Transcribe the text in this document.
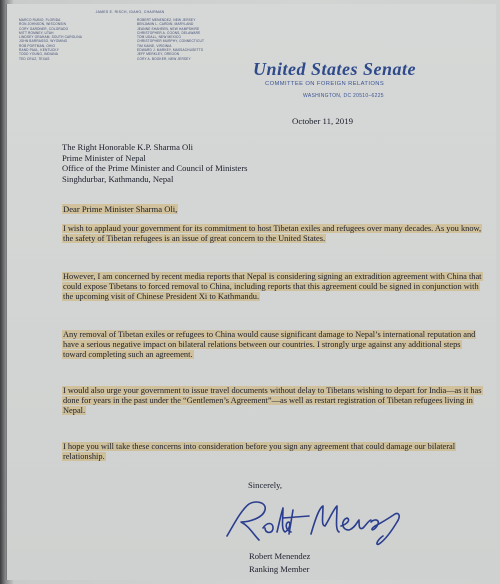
JAMES E. RISCH, IDAHO, CHAIRMAN
MARCO RUBIO, FLORIDA
RON JOHNSON, WISCONSIN
CORY GARDNER, COLORADO
MITT ROMNEY, UTAH
LINDSEY GRAHAM, SOUTH CAROLINA
JOHN BARRASSO, WYOMING
ROB PORTMAN, OHIO
RAND PAUL, KENTUCKY
TODD YOUNG, INDIANA
TED CRUZ, TEXAS
ROBERT MENENDEZ, NEW JERSEY
BENJAMIN L. CARDIN, MARYLAND
JEANNE SHAHEEN, NEW HAMPSHIRE
CHRISTOPHER A. COONS, DELAWARE
TOM UDALL, NEW MEXICO
CHRISTOPHER MURPHY, CONNECTICUT
TIM KAINE, VIRGINIA
EDWARD J. MARKEY, MASSACHUSETTS
JEFF MERKLEY, OREGON
CORY A. BOOKER, NEW JERSEY
United States Senate
COMMITTEE ON FOREIGN RELATIONS
WASHINGTON, DC 20510–6225
October 11, 2019
The Right Honorable K.P. Sharma Oli
Prime Minister of Nepal
Office of the Prime Minister and Council of Ministers
Singhdurbar, Kathmandu, Nepal
Dear Prime Minister Sharma Oli,
I wish to applaud your government for its commitment to host Tibetan exiles and refugees over many decades. As you know, the safety of Tibetan refugees is an issue of great concern to the United States.
However, I am concerned by recent media reports that Nepal is considering signing an extradition agreement with China that could expose Tibetans to forced removal to China, including reports that this agreement could be signed in conjunction with the upcoming visit of Chinese President Xi to Kathmandu.
Any removal of Tibetan exiles or refugees to China would cause significant damage to Nepal’s international reputation and have a serious negative impact on bilateral relations between our countries. I strongly urge against any additional steps toward completing such an agreement.
I would also urge your government to issue travel documents without delay to Tibetans wishing to depart for India—as it has done for years in the past under the “Gentlemen’s Agreement”—as well as restart registration of Tibetan refugees living in Nepal.
I hope you will take these concerns into consideration before you sign any agreement that could damage our bilateral relationship.
Sincerely,
Robert Menendez
Ranking Member
